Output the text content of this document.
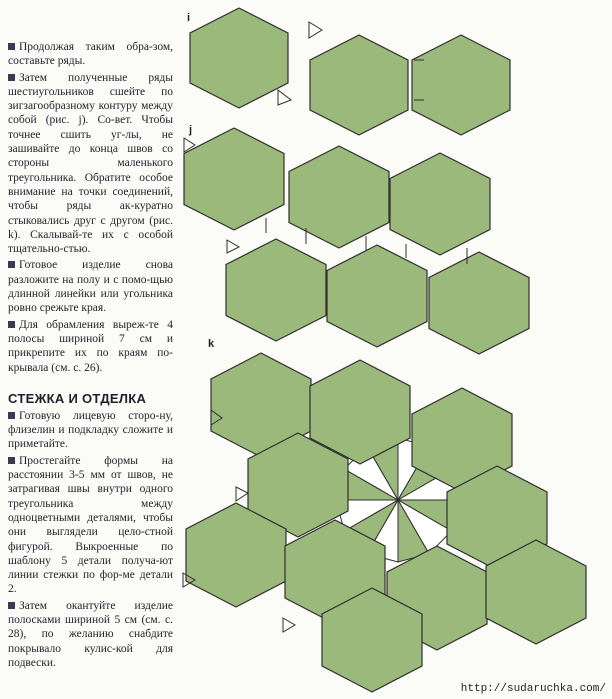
Продолжая таким обра-зом, составьте ряды.

Затем полученные ряды шестиугольников сшейте по зигзагообразному контуру между собой (рис. j). Со-вет. Чтобы точнее сшить уг-лы, не зашивайте до конца швов со стороны маленького треугольника. Обратите особое внимание на точки соединений, чтобы ряды ак-куратно стыковались друг с другом (рис. k). Скалывай-те их с особой тщательно-стью.

Готовое изделие снова разложите на полу и с помо-щью длинной линейки или угольника ровно срежьте края.

Для обрамления выреж-те 4 полосы шириной 7 см и прикрепите их по краям по-крывала (см. с. 26).

СТЕЖКА И ОТДЕЛКА

Готовую лицевую сторо-ну, флизелин и подкладку сложите и приметайте.

Простегайте формы на расстоянии 3-5 мм от швов, не затрагивая швы внутри одного треугольника между одноцветными деталями, чтобы они выглядели цело-стной фигурой. Выкроенные по шаблону 5 детали получа-ют линии стежки по фор-ме детали 2.

Затем окантуйте изделие полосками шириной 5 см (см. с. 28), по желанию снабдите покрывало кулис-кой для подвески.

i
j
k
http://sudaruchka.com/
